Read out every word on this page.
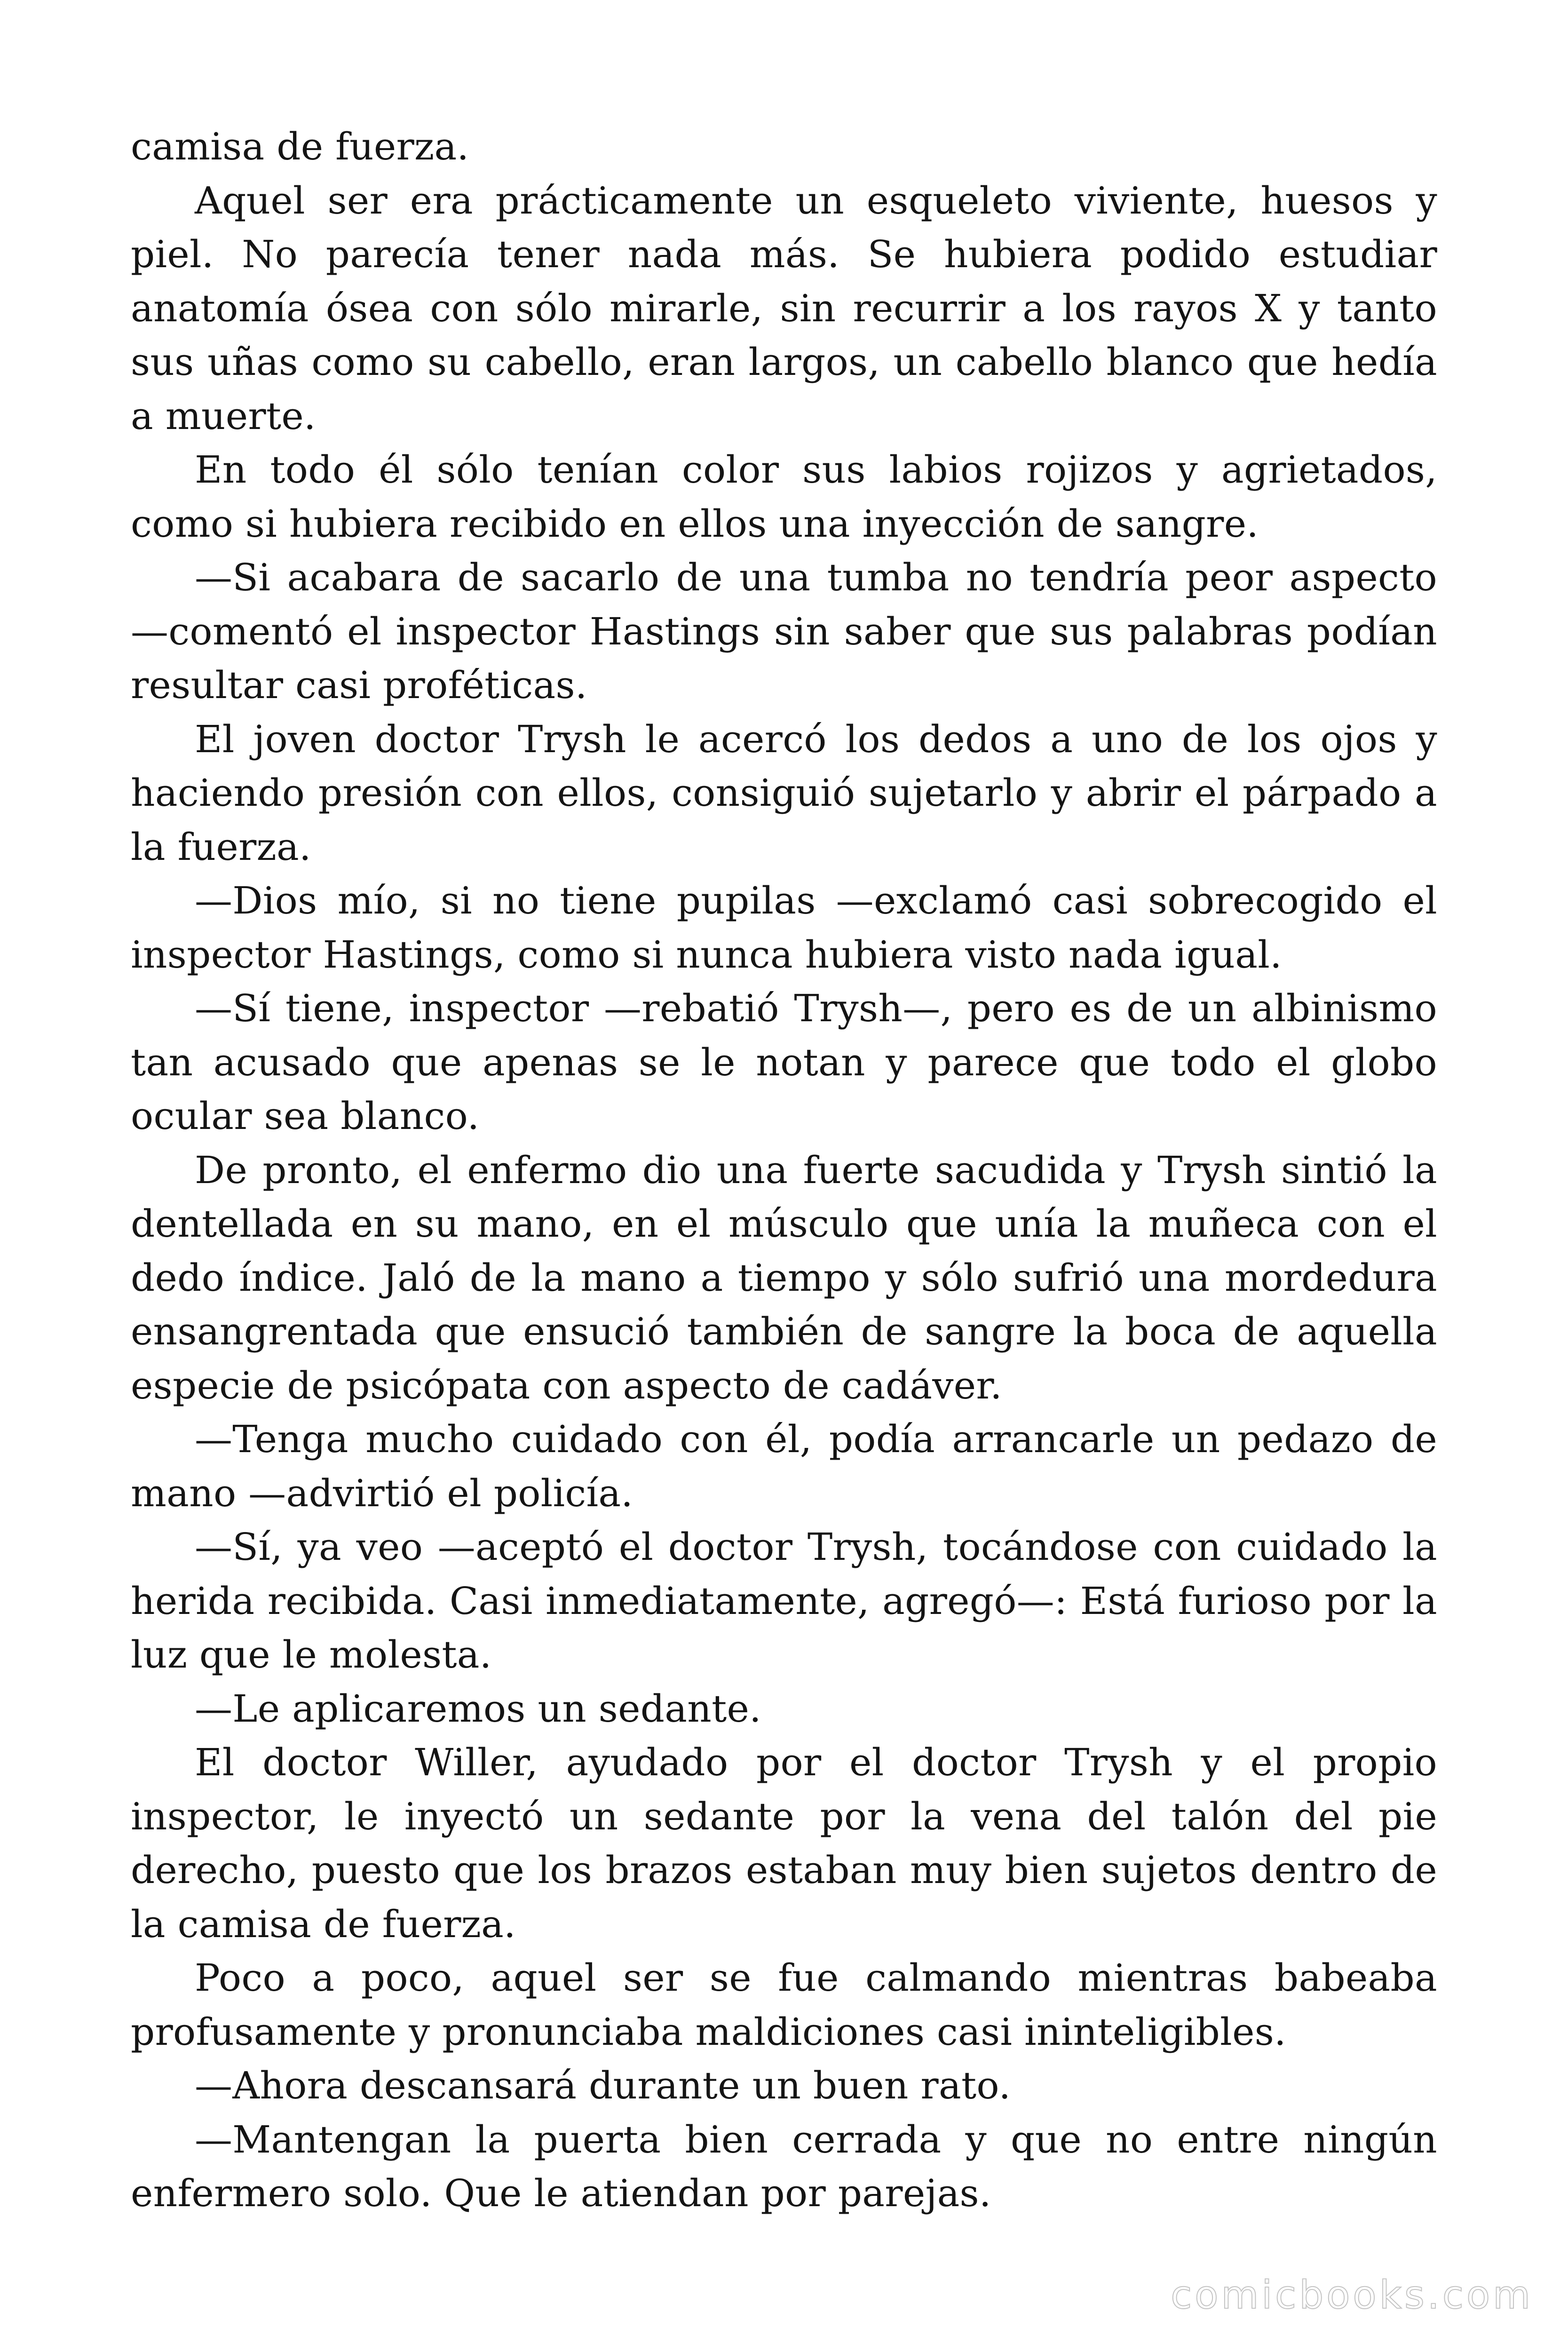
camisa de fuerza.

Aquel ser era prácticamente un esqueleto viviente, huesos y piel. No parecía tener nada más. Se hubiera podido estudiar anatomía ósea con sólo mirarle, sin recurrir a los rayos X y tanto sus uñas como su cabello, eran largos, un cabello blanco que hedía a muerte.

En todo él sólo tenían color sus labios rojizos y agrietados, como si hubiera recibido en ellos una inyección de sangre.

—Si acabara de sacarlo de una tumba no tendría peor aspecto —comentó el inspector Hastings sin saber que sus palabras podían resultar casi proféticas.

El joven doctor Trysh le acercó los dedos a uno de los ojos y haciendo presión con ellos, consiguió sujetarlo y abrir el párpado a la fuerza.

—Dios mío, si no tiene pupilas —exclamó casi sobrecogido el inspector Hastings, como si nunca hubiera visto nada igual.

—Sí tiene, inspector —rebatió Trysh—, pero es de un albinismo tan acusado que apenas se le notan y parece que todo el globo ocular sea blanco.

De pronto, el enfermo dio una fuerte sacudida y Trysh sintió la dentellada en su mano, en el músculo que unía la muñeca con el dedo índice. Jaló de la mano a tiempo y sólo sufrió una mordedura ensangrentada que ensució también de sangre la boca de aquella especie de psicópata con aspecto de cadáver.

—Tenga mucho cuidado con él, podía arrancarle un pedazo de mano —advirtió el policía.

—Sí, ya veo —aceptó el doctor Trysh, tocándose con cuidado la herida recibida. Casi inmediatamente, agregó—: Está furioso por la luz que le molesta.

—Le aplicaremos un sedante.

El doctor Willer, ayudado por el doctor Trysh y el propio inspector, le inyectó un sedante por la vena del talón del pie derecho, puesto que los brazos estaban muy bien sujetos dentro de la camisa de fuerza.

Poco a poco, aquel ser se fue calmando mientras babeaba profusamente y pronunciaba maldiciones casi ininteligibles.

—Ahora descansará durante un buen rato.

—Mantengan la puerta bien cerrada y que no entre ningún enfermero solo. Que le atiendan por parejas.

comicbooks.com
